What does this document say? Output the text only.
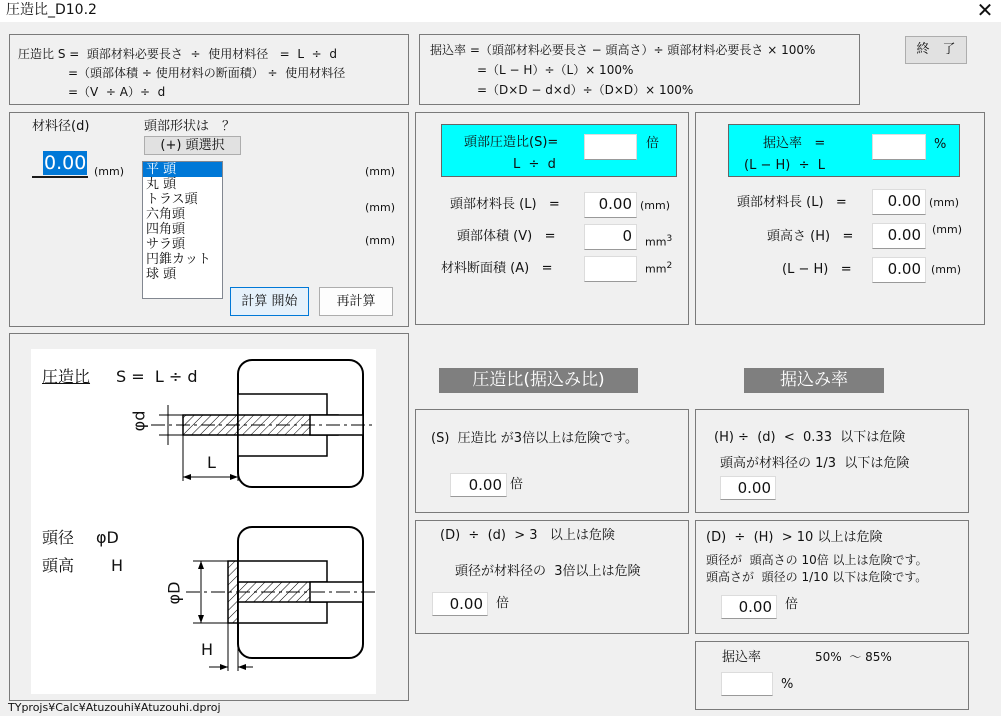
圧造比_D10.2	✕
圧造比 S =  頭部材料必要長さ  ÷  使用材料径   =  L  ÷  d
=（頭部体積 ÷ 使用材料の断面積） ÷  使用材料径
=（V  ÷ A）÷  d
据込率 =（頭部材料必要長さ − 頭高さ）÷ 頭部材料必要長さ × 100%
=（L − H）÷（L）× 100%
=（D×D − d×d）÷（D×D）× 100%
終　了
材料径(d)
0.00 (mm)
頭部形状は　？
(+) 頭選択
平 頭
丸 頭
トラス頭
六角頭
四角頭
サラ頭
円錐カット
球 頭
(mm)
(mm)
(mm)
計算 開始	再計算
頭部圧造比(S)=
L  ÷  d
倍
頭部材料長 (L)   =	0.00 (mm)
頭部体積 (V)   =	0	$mm^3$
材料断面積 (A)   =	$mm^2$
据込率   =
(L − H)  ÷  L
%
頭部材料長 (L)   =	0.00 (mm)
頭高さ (H)   =	0.00	(mm)
(L − H)   =	0.00 (mm)
圧造比 S =  L ÷ d
φd
L
頭径 φD
頭高 H
φD
H
圧造比(据込み比)	据込み率
(S)  圧造比 が3倍以上は危険です。
0.00 倍
(H) ÷  (d)  <  0.33  以下は危険
頭高が材料径の 1/3  以下は危険
0.00
(D)  ÷  (d)  > 3   以上は危険
頭径が材料径の  3倍以上は危険
0.00	倍
(D)  ÷  (H)  > 10 以上は危険
頭径が  頭高さの 10倍 以上は危険です。
頭高さが  頭径の 1/10 以下は危険です。
0.00	倍
据込率	50%  ～ 85%
%
TYprojs¥Calc¥Atuzouhi¥Atuzouhi.dproj
